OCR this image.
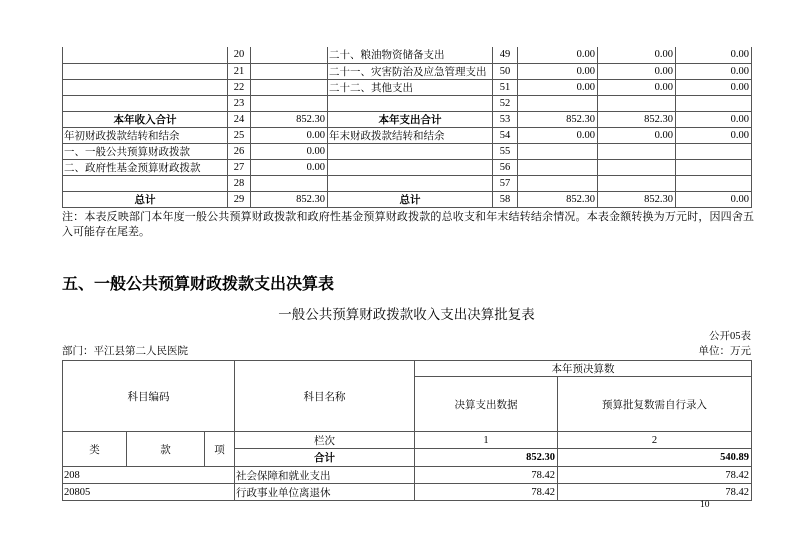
	20		二十、粮油物资储备支出	49	0.00	0.00	0.00
	21		二十一、灾害防治及应急管理支出	50	0.00	0.00	0.00
	22		二十二、其他支出	51	0.00	0.00	0.00
	23			52			
本年收入合计	24	852.30	本年支出合计	53	852.30	852.30	0.00
年初财政拨款结转和结余	25	0.00	年末财政拨款结转和结余	54	0.00	0.00	0.00
一、一般公共预算财政拨款	26	0.00		55			
二、政府性基金预算财政拨款	27	0.00		56			
	28			57			
总计	29	852.30	总计	58	852.30	852.30	0.00
注：本表反映部门本年度一般公共预算财政拨款和政府性基金预算财政拨款的总收支和年末结转结余情况。本表金额转换为万元时，因四舍五入可能存在尾差。
五、一般公共预算财政拨款支出决算表
一般公共预算财政拨款收入支出决算批复表
公开05表
部门：平江县第二人民医院	单位：万元
科目编码			科目名称	本年预决算数	
				决算支出数据	预算批复数需自行录入
类	款	项	栏次	1	2
			合计	852.30	540.89
208			社会保障和就业支出	78.42	78.42
20805			行政事业单位离退休	78.42	78.42
10
